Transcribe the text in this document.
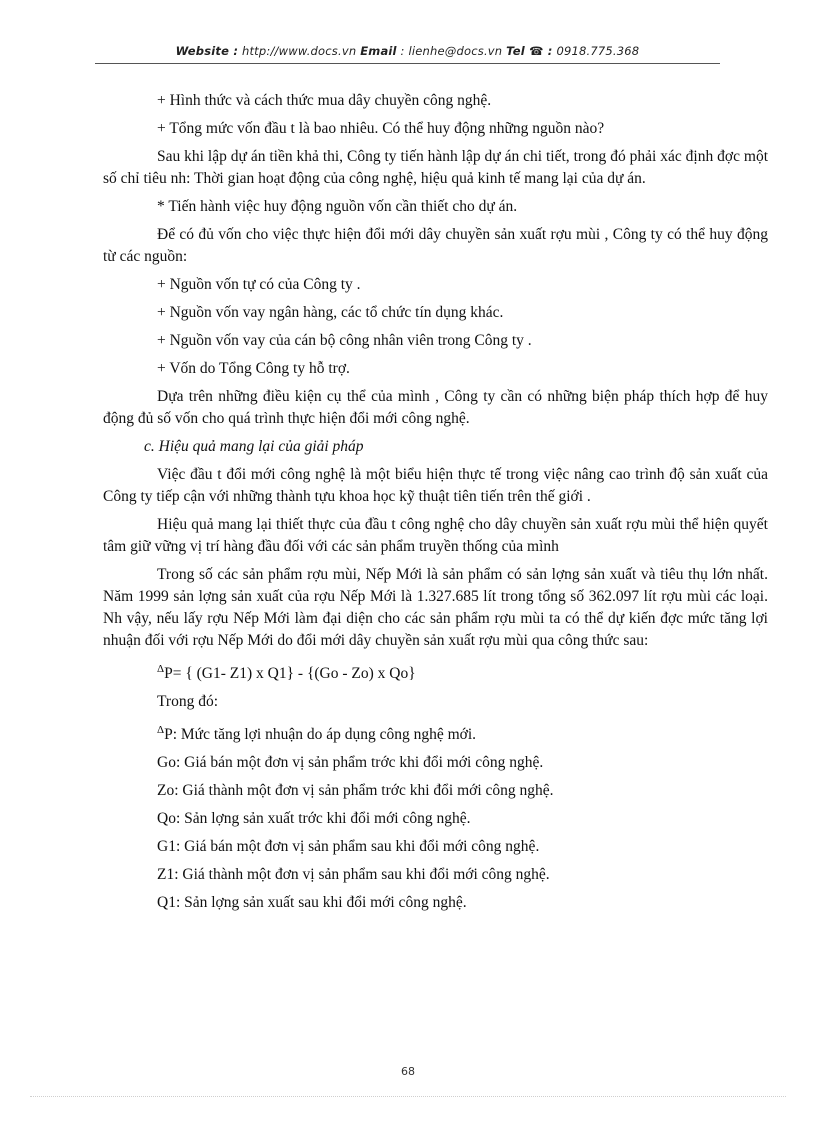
Website : http://www.docs.vn Email : lienhe@docs.vn Tel ☎ : 0918.775.368

+ Hình thức và cách thức mua dây chuyền công nghệ.

+ Tổng mức vốn đầu t là bao nhiêu. Có thể huy động những nguồn nào?

Sau khi lập dự án tiền khả thi, Công ty tiến hành lập dự án chi tiết, trong đó phải xác định đợc một số chỉ tiêu nh: Thời gian hoạt động của công nghệ, hiệu quả kinh tế mang lại của dự án.

* Tiến hành việc huy động nguồn vốn cần thiết cho dự án.

Để có đủ vốn cho việc thực hiện đổi mới dây chuyền sản xuất rợu mùi , Công ty có thể huy động từ các nguồn:

+ Nguồn vốn tự có của Công ty .

+ Nguồn vốn vay ngân hàng, các tổ chức tín dụng khác.

+ Nguồn vốn vay của cán bộ công nhân viên trong Công ty .

+ Vốn do Tổng Công ty hỗ trợ.

Dựa trên những điều kiện cụ thể của mình , Công ty cần có những biện pháp thích hợp để huy động đủ số vốn cho quá trình thực hiện đổi mới công nghệ.

c. Hiệu quả mang lại của giải pháp

Việc đầu t đổi mới công nghệ là một biểu hiện thực tế trong việc nâng cao trình độ sản xuất của Công ty tiếp cận với những thành tựu khoa học kỹ thuật tiên tiến trên thế giới .

Hiệu quả mang lại thiết thực của đầu t công nghệ cho dây chuyền sản xuất rợu mùi thể hiện quyết tâm giữ vững vị trí hàng đầu đối với các sản phẩm truyền thống của mình

Trong số các sản phẩm rợu mùi, Nếp Mới là sản phẩm có sản lợng sản xuất và tiêu thụ lớn nhất. Năm 1999 sản lợng sản xuất của rợu Nếp Mới là 1.327.685 lít trong tổng số 362.097 lít rợu mùi các loại. Nh vậy, nếu lấy rợu Nếp Mới làm đại diện cho các sản phẩm rợu mùi ta có thể dự kiến đợc mức tăng lợi nhuận đối với rợu Nếp Mới do đổi mới dây chuyền sản xuất rợu mùi qua công thức sau:

$^\Delta$P= { (G1- Z1) x Q1} - {(Go - Zo) x Qo}

Trong đó:

$^\Delta$P: Mức tăng lợi nhuận do áp dụng công nghệ mới.

Go: Giá bán một đơn vị sản phẩm trớc khi đổi mới công nghệ.

Zo: Giá thành một đơn vị sản phẩm trớc khi đổi mới công nghệ.

Qo: Sản lợng sản xuất trớc khi đổi mới công nghệ.

G1: Giá bán một đơn vị sản phẩm sau khi đổi mới công nghệ.

Z1: Giá thành một đơn vị sản phẩm sau khi đổi mới công nghệ.

Q1: Sản lợng sản xuất sau khi đổi mới công nghệ.

68
